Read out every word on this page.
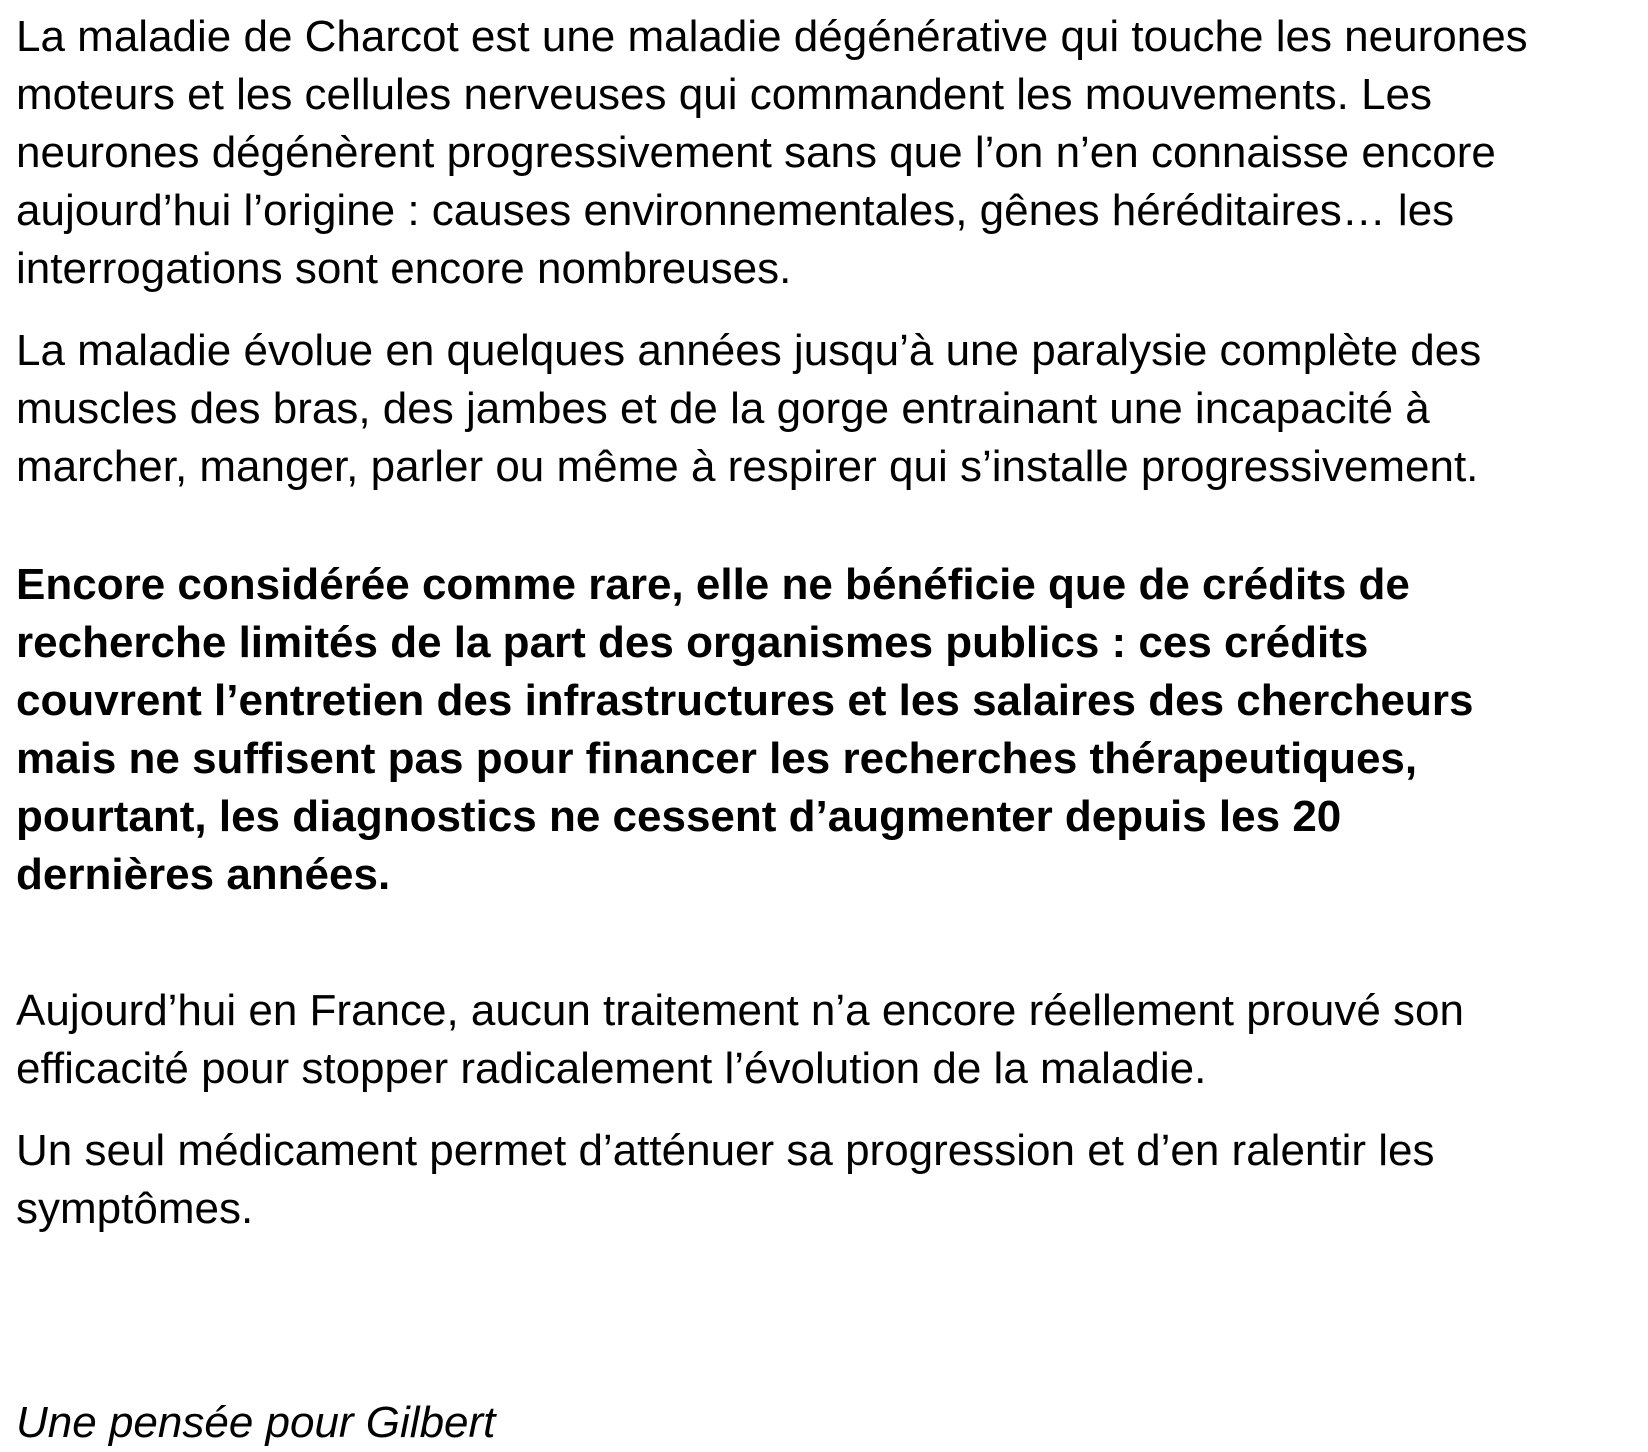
La maladie de Charcot est une maladie dégénérative qui touche les neurones
moteurs et les cellules nerveuses qui commandent les mouvements. Les
neurones dégénèrent progressivement sans que l’on n’en connaisse encore
aujourd’hui l’origine : causes environnementales, gênes héréditaires… les
interrogations sont encore nombreuses.

La maladie évolue en quelques années jusqu’à une paralysie complète des
muscles des bras, des jambes et de la gorge entrainant une incapacité à
marcher, manger, parler ou même à respirer qui s’installe progressivement.

Encore considérée comme rare, elle ne bénéficie que de crédits de
recherche limités de la part des organismes publics : ces crédits
couvrent l’entretien des infrastructures et les salaires des chercheurs
mais ne suffisent pas pour financer les recherches thérapeutiques,
pourtant, les diagnostics ne cessent d’augmenter depuis les 20
dernières années.

Aujourd’hui en France, aucun traitement n’a encore réellement prouvé son
efficacité pour stopper radicalement l’évolution de la maladie.

Un seul médicament permet d’atténuer sa progression et d’en ralentir les
symptômes.

Une pensée pour Gilbert
